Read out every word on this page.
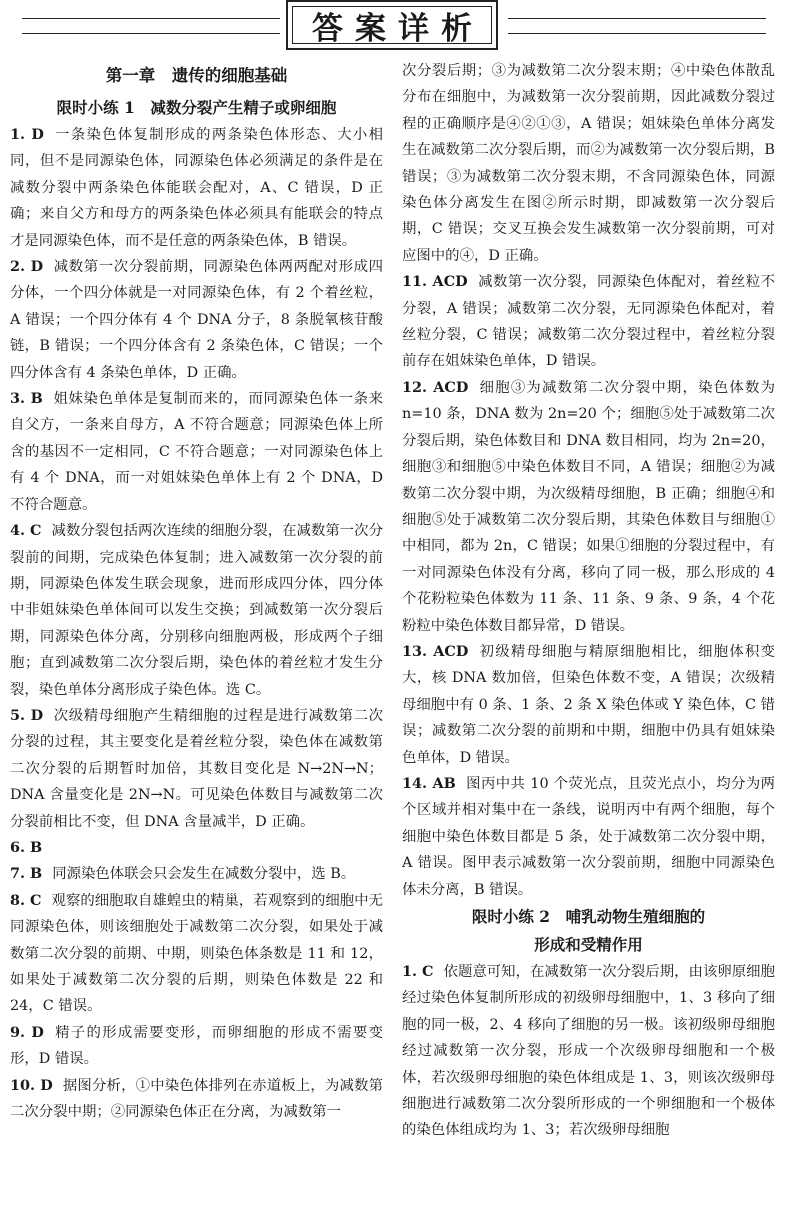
答案详析

第一章　遗传的细胞基础

限时小练 1　减数分裂产生精子或卵细胞

1. D 一条染色体复制形成的两条染色体形态、大小相同，但不是同源染色体，同源染色体必须满足的条件是在减数分裂中两条染色体能联会配对，A、C 错误，D 正确；来自父方和母方的两条染色体必须具有能联会的特点才是同源染色体，而不是任意的两条染色体，B 错误。

2. D 减数第一次分裂前期，同源染色体两两配对形成四分体，一个四分体就是一对同源染色体，有 2 个着丝粒，A 错误；一个四分体有 4 个 DNA 分子，8 条脱氧核苷酸链，B 错误；一个四分体含有 2 条染色体，C 错误；一个四分体含有 4 条染色单体，D 正确。

3. B 姐妹染色单体是复制而来的，而同源染色体一条来自父方，一条来自母方，A 不符合题意；同源染色体上所含的基因不一定相同，C 不符合题意；一对同源染色体上有 4 个 DNA，而一对姐妹染色单体上有 2 个 DNA，D 不符合题意。

4. C 减数分裂包括两次连续的细胞分裂，在减数第一次分裂前的间期，完成染色体复制；进入减数第一次分裂的前期，同源染色体发生联会现象，进而形成四分体，四分体中非姐妹染色单体间可以发生交换；到减数第一次分裂后期，同源染色体分离，分别移向细胞两极，形成两个子细胞；直到减数第二次分裂后期，染色体的着丝粒才发生分裂，染色单体分离形成子染色体。选 C。

5. D 次级精母细胞产生精细胞的过程是进行减数第二次分裂的过程，其主要变化是着丝粒分裂，染色体在减数第二次分裂的后期暂时加倍，其数目变化是 N→2N→N；DNA 含量变化是 2N→N。可见染色体数目与减数第二次分裂前相比不变，但 DNA 含量减半，D 正确。

6. B

7. B 同源染色体联会只会发生在减数分裂中，选 B。

8. C 观察的细胞取自雄蝗虫的精巢，若观察到的细胞中无同源染色体，则该细胞处于减数第二次分裂，如果处于减数第二次分裂的前期、中期，则染色体条数是 11 和 12，如果处于减数第二次分裂的后期，则染色体数是 22 和 24，C 错误。

9. D 精子的形成需要变形，而卵细胞的形成不需要变形，D 错误。

10. D 据图分析，①中染色体排列在赤道板上，为减数第二次分裂中期；②同源染色体正在分离，为减数第一

次分裂后期；③为减数第二次分裂末期；④中染色体散乱分布在细胞中，为减数第一次分裂前期，因此减数分裂过程的正确顺序是④②①③，A 错误；姐妹染色单体分离发生在减数第二次分裂后期，而②为减数第一次分裂后期，B 错误；③为减数第二次分裂末期，不含同源染色体，同源染色体分离发生在图②所示时期，即减数第一次分裂后期，C 错误；交叉互换会发生减数第一次分裂前期，可对应图中的④，D 正确。

11. ACD 减数第一次分裂，同源染色体配对，着丝粒不分裂，A 错误；减数第二次分裂，无同源染色体配对，着丝粒分裂，C 错误；减数第二次分裂过程中，着丝粒分裂前存在姐妹染色单体，D 错误。

12. ACD 细胞③为减数第二次分裂中期，染色体数为 n=10 条，DNA 数为 2n=20 个；细胞⑤处于减数第二次分裂后期，染色体数目和 DNA 数目相同，均为 2n=20，细胞③和细胞⑤中染色体数目不同，A 错误；细胞②为减数第二次分裂中期，为次级精母细胞，B 正确；细胞④和细胞⑤处于减数第二次分裂后期，其染色体数目与细胞①中相同，都为 2n，C 错误；如果①细胞的分裂过程中，有一对同源染色体没有分离，移向了同一极，那么形成的 4 个花粉粒染色体数为 11 条、11 条、9 条、9 条，4 个花粉粒中染色体数目都异常，D 错误。

13. ACD 初级精母细胞与精原细胞相比，细胞体积变大，核 DNA 数加倍，但染色体数不变，A 错误；次级精母细胞中有 0 条、1 条、2 条 X 染色体或 Y 染色体，C 错误；减数第二次分裂的前期和中期，细胞中仍具有姐妹染色单体，D 错误。

14. AB 图丙中共 10 个荧光点，且荧光点小，均分为两个区域并相对集中在一条线，说明丙中有两个细胞，每个细胞中染色体数目都是 5 条，处于减数第二次分裂中期，A 错误。图甲表示减数第一次分裂前期，细胞中同源染色体未分离，B 错误。

限时小练 2　哺乳动物生殖细胞的

形成和受精作用

1. C 依题意可知，在减数第一次分裂后期，由该卵原细胞经过染色体复制所形成的初级卵母细胞中，1、3 移向了细胞的同一极，2、4 移向了细胞的另一极。该初级卵母细胞经过减数第一次分裂，形成一个次级卵母细胞和一个极体，若次级卵母细胞的染色体组成是 1、3，则该次级卵母细胞进行减数第二次分裂所形成的一个卵细胞和一个极体的染色体组成均为 1、3；若次级卵母细胞
